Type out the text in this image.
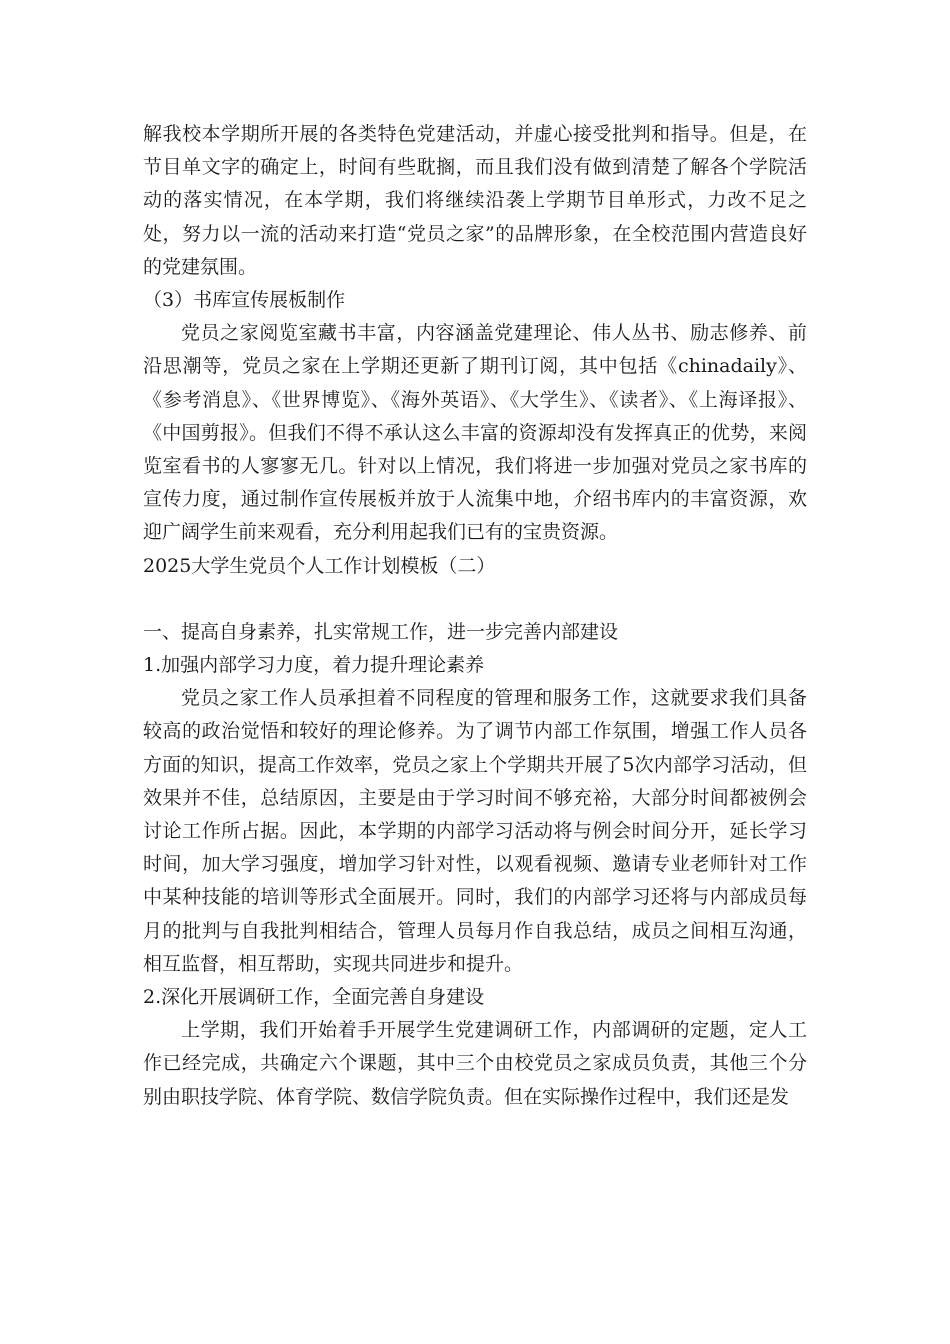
解我校本学期所开展的各类特色党建活动，并虚心接受批判和指导。但是，在节目单文字的确定上，时间有些耽搁，而且我们没有做到清楚了解各个学院活动的落实情况，在本学期，我们将继续沿袭上学期节目单形式，力改不足之处，努力以一流的活动来打造“党员之家”的品牌形象，在全校范围内营造良好的党建氛围。

（3）书库宣传展板制作

党员之家阅览室藏书丰富，内容涵盖党建理论、伟人丛书、励志修养、前沿思潮等，党员之家在上学期还更新了期刊订阅，其中包括《chinadaily》、《参考消息》、《世界博览》、《海外英语》、《大学生》、《读者》、《上海译报》、《中国剪报》。但我们不得不承认这么丰富的资源却没有发挥真正的优势，来阅览室看书的人寥寥无几。针对以上情况，我们将进一步加强对党员之家书库的宣传力度，通过制作宣传展板并放于人流集中地，介绍书库内的丰富资源，欢迎广阔学生前来观看，充分利用起我们已有的宝贵资源。

2025大学生党员个人工作计划模板（二）

一、提高自身素养，扎实常规工作，进一步完善内部建设

1.加强内部学习力度，着力提升理论素养

党员之家工作人员承担着不同程度的管理和服务工作，这就要求我们具备较高的政治觉悟和较好的理论修养。为了调节内部工作氛围，增强工作人员各方面的知识，提高工作效率，党员之家上个学期共开展了5次内部学习活动，但效果并不佳，总结原因，主要是由于学习时间不够充裕，大部分时间都被例会讨论工作所占据。因此，本学期的内部学习活动将与例会时间分开，延长学习时间，加大学习强度，增加学习针对性，以观看视频、邀请专业老师针对工作中某种技能的培训等形式全面展开。同时，我们的内部学习还将与内部成员每月的批判与自我批判相结合，管理人员每月作自我总结，成员之间相互沟通，相互监督，相互帮助，实现共同进步和提升。

2.深化开展调研工作，全面完善自身建设

上学期，我们开始着手开展学生党建调研工作，内部调研的定题，定人工作已经完成，共确定六个课题，其中三个由校党员之家成员负责，其他三个分别由职技学院、体育学院、数信学院负责。但在实际操作过程中，我们还是发
